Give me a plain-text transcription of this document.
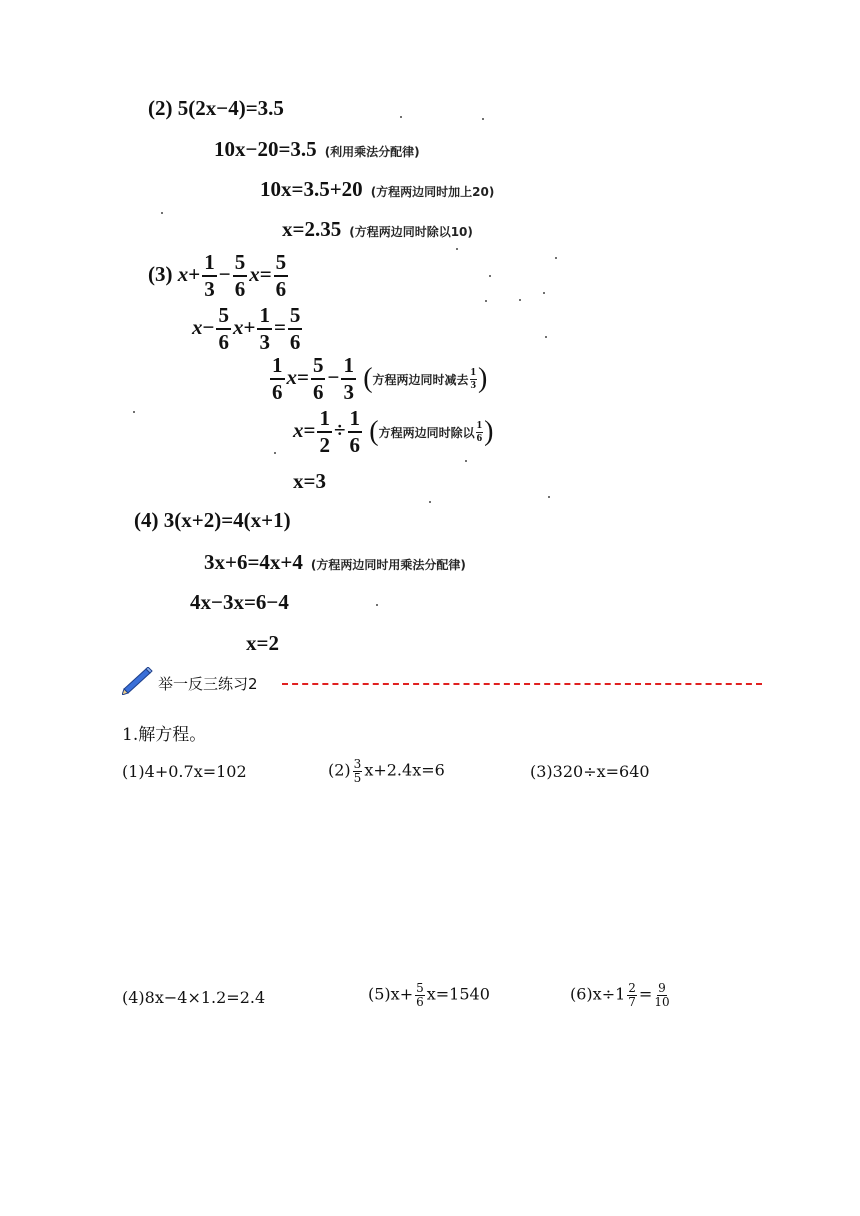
(2) 5(2x−4)=3.5
10x−20=3.5 (利用乘法分配律)
10x=3.5+20 (方程两边同时加上20)
x=2.35 (方程两边同时除以10)
(3) $x+ \frac{1}{3} - \frac{5}{6} x= \frac{5}{6}$
$x- \frac{5}{6} x+ \frac{1}{3} = \frac{5}{6}$
$\frac{1}{6} x= \frac{5}{6} - \frac{1}{3}$ (方程两边同时减去 $\frac{1}{3}$ )
$x= \frac{1}{2} \div \frac{1}{6}$ (方程两边同时除以 $\frac{1}{6}$ )
x=3
(4) 3(x+2)=4(x+1)
3x+6=4x+4 (方程两边同时用乘法分配律)
4x−3x=6−4
x=2
举一反三练习2
1.解方程。
(1)4+0.7x=102	$(2) \frac{3}{5} x+2.4x=6$	(3)320÷x=640
(4)8x−4×1.2=2.4	$(5)x+ \frac{5}{6} x=1540$	$(6)x\div 1 \frac{2}{7} = \frac{9}{10}$
